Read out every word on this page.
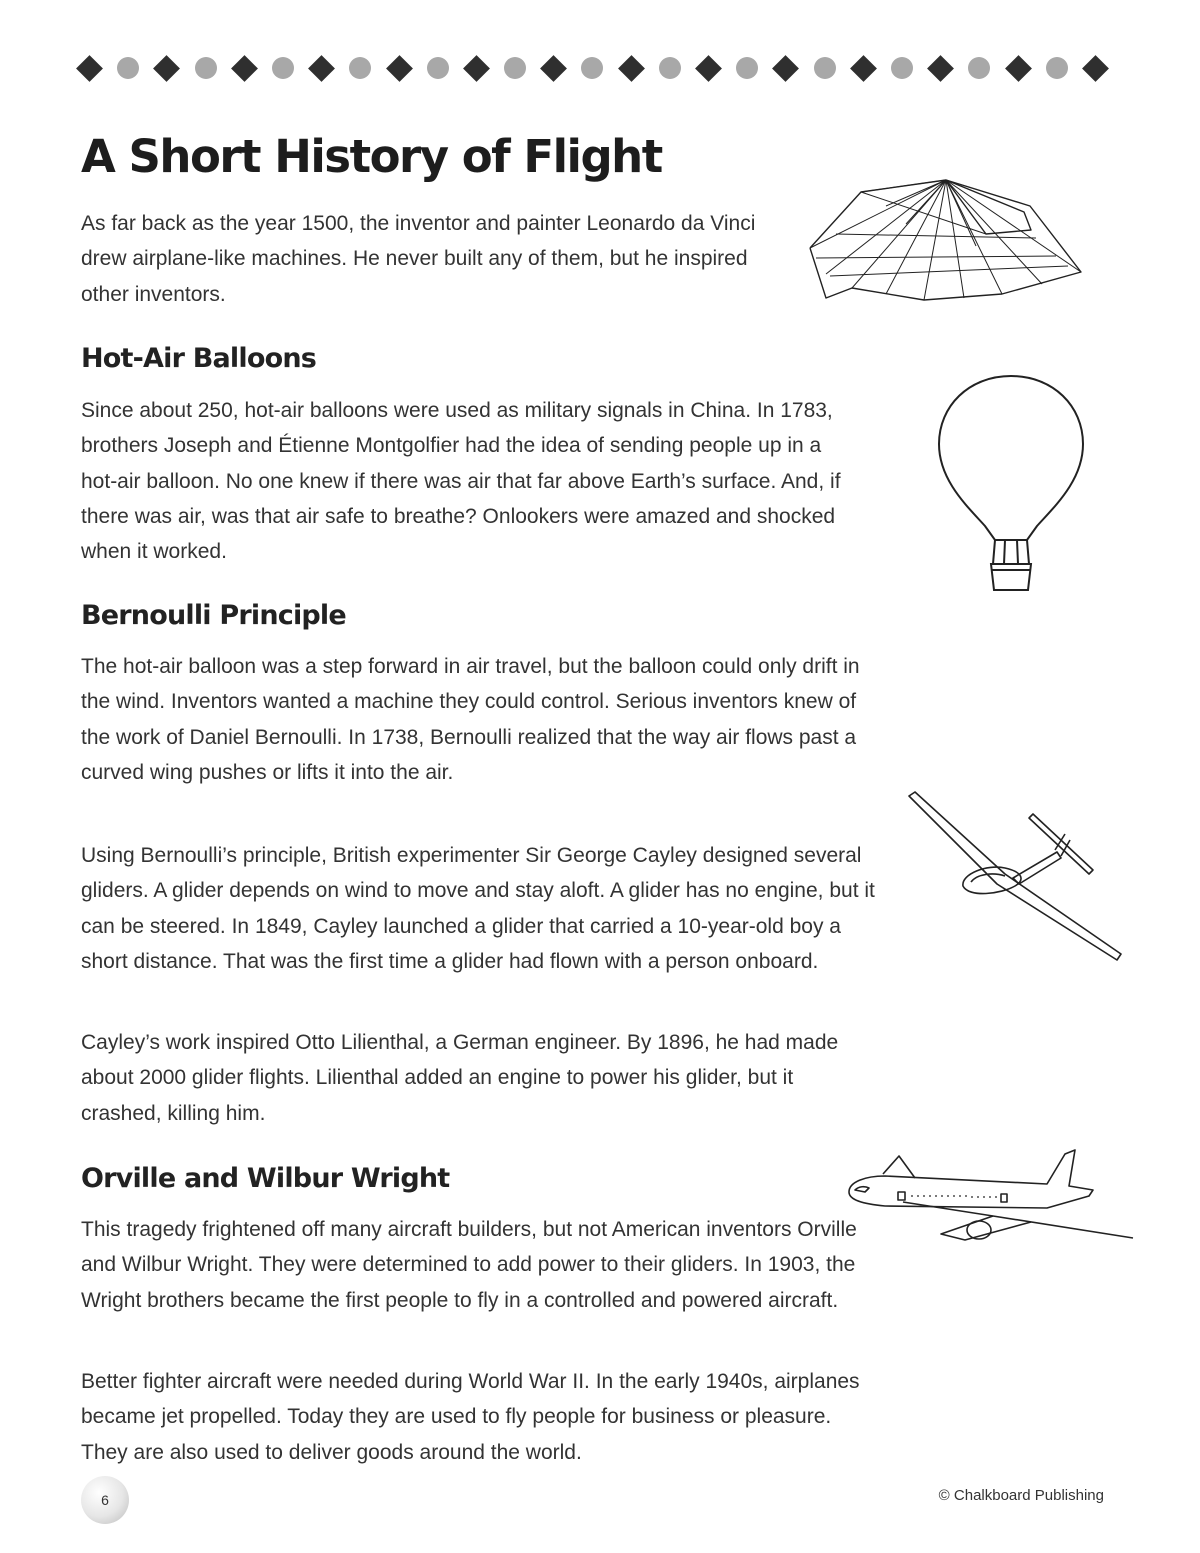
A Short History of Flight

As far back as the year 1500, the inventor and painter Leonardo da Vinci drew airplane-like machines. He never built any of them, but he inspired other inventors.

Hot-Air Balloons

Since about 250, hot-air balloons were used as military signals in China. In 1783, brothers Joseph and Étienne Montgolfier had the idea of sending people up in a hot-air balloon. No one knew if there was air that far above Earth’s surface. And, if there was air, was that air safe to breathe? Onlookers were amazed and shocked when it worked.

Bernoulli Principle

The hot-air balloon was a step forward in air travel, but the balloon could only drift in the wind. Inventors wanted a machine they could control. Serious inventors knew of the work of Daniel Bernoulli. In 1738, Bernoulli realized that the way air flows past a curved wing pushes or lifts it into the air.

Using Bernoulli’s principle, British experimenter Sir George Cayley designed several gliders. A glider depends on wind to move and stay aloft. A glider has no engine, but it can be steered. In 1849, Cayley launched a glider that carried a 10-year-old boy a short distance. That was the first time a glider had flown with a person onboard.

Cayley’s work inspired Otto Lilienthal, a German engineer. By 1896, he had made about 2000 glider flights. Lilienthal added an engine to power his glider, but it crashed, killing him.

Orville and Wilbur Wright

This tragedy frightened off many aircraft builders, but not American inventors Orville and Wilbur Wright. They were determined to add power to their gliders. In 1903, the Wright brothers became the first people to fly in a controlled and powered aircraft.

Better fighter aircraft were needed during World War II. In the early 1940s, airplanes became jet propelled. Today they are used to fly people for business or pleasure. They are also used to deliver goods around the world.

6	© Chalkboard Publishing
